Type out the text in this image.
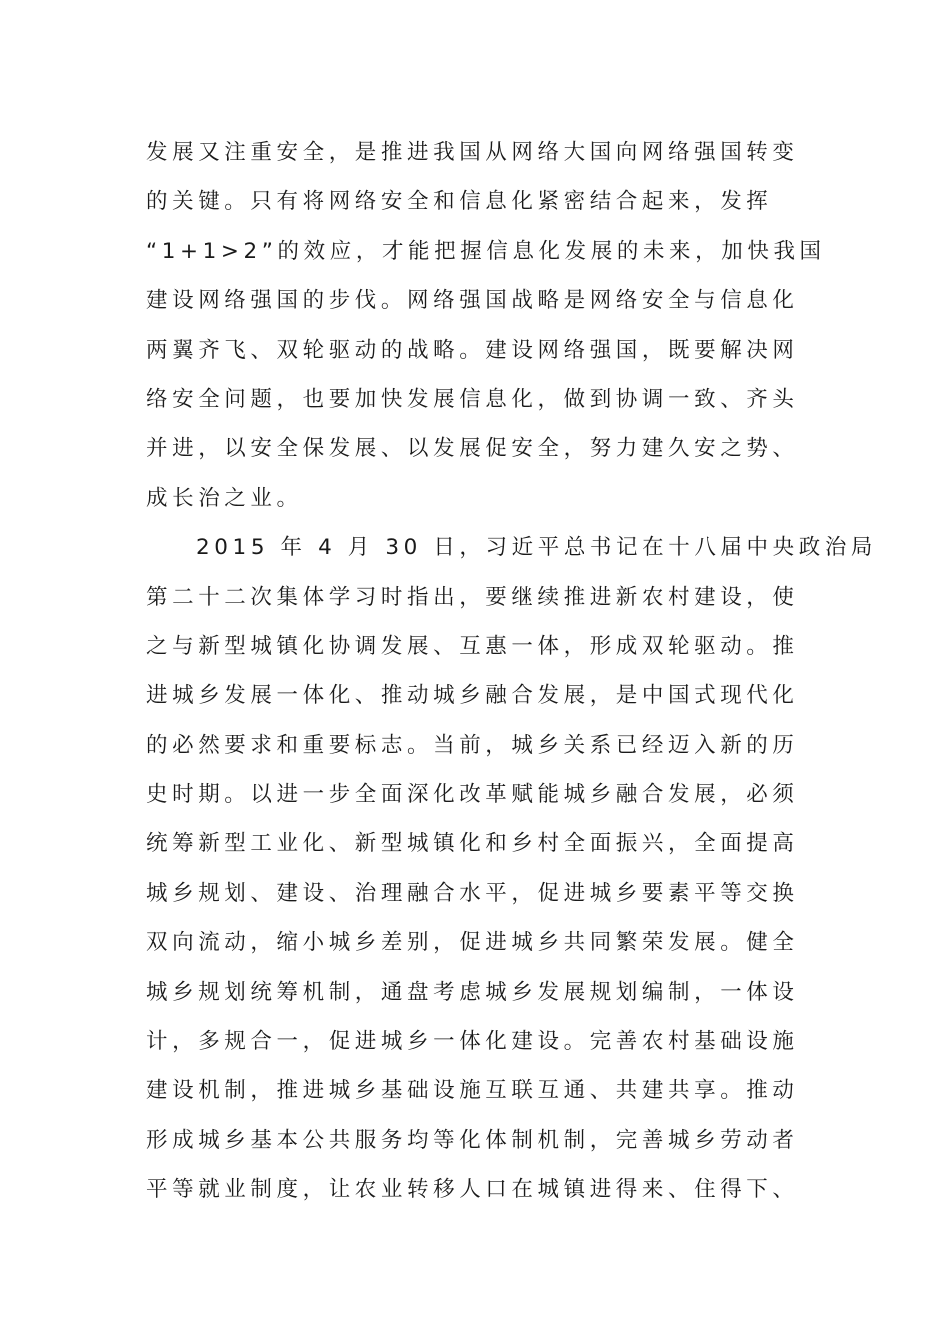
发展又注重安全，是推进我国从网络大国向网络强国转变
的关键。只有将网络安全和信息化紧密结合起来，发挥
“1+1>2”的效应，才能把握信息化发展的未来，加快我国
建设网络强国的步伐。网络强国战略是网络安全与信息化
两翼齐飞、双轮驱动的战略。建设网络强国，既要解决网
络安全问题，也要加快发展信息化，做到协调一致、齐头
并进，以安全保发展、以发展促安全，努力建久安之势、
成长治之业。
2015 年 4 月 30 日，习近平总书记在十八届中央政治局
第二十二次集体学习时指出，要继续推进新农村建设，使
之与新型城镇化协调发展、互惠一体，形成双轮驱动。推
进城乡发展一体化、推动城乡融合发展，是中国式现代化
的必然要求和重要标志。当前，城乡关系已经迈入新的历
史时期。以进一步全面深化改革赋能城乡融合发展，必须
统筹新型工业化、新型城镇化和乡村全面振兴，全面提高
城乡规划、建设、治理融合水平，促进城乡要素平等交换
双向流动，缩小城乡差别，促进城乡共同繁荣发展。健全
城乡规划统筹机制，通盘考虑城乡发展规划编制，一体设
计，多规合一，促进城乡一体化建设。完善农村基础设施
建设机制，推进城乡基础设施互联互通、共建共享。推动
形成城乡基本公共服务均等化体制机制，完善城乡劳动者
平等就业制度，让农业转移人口在城镇进得来、住得下、
